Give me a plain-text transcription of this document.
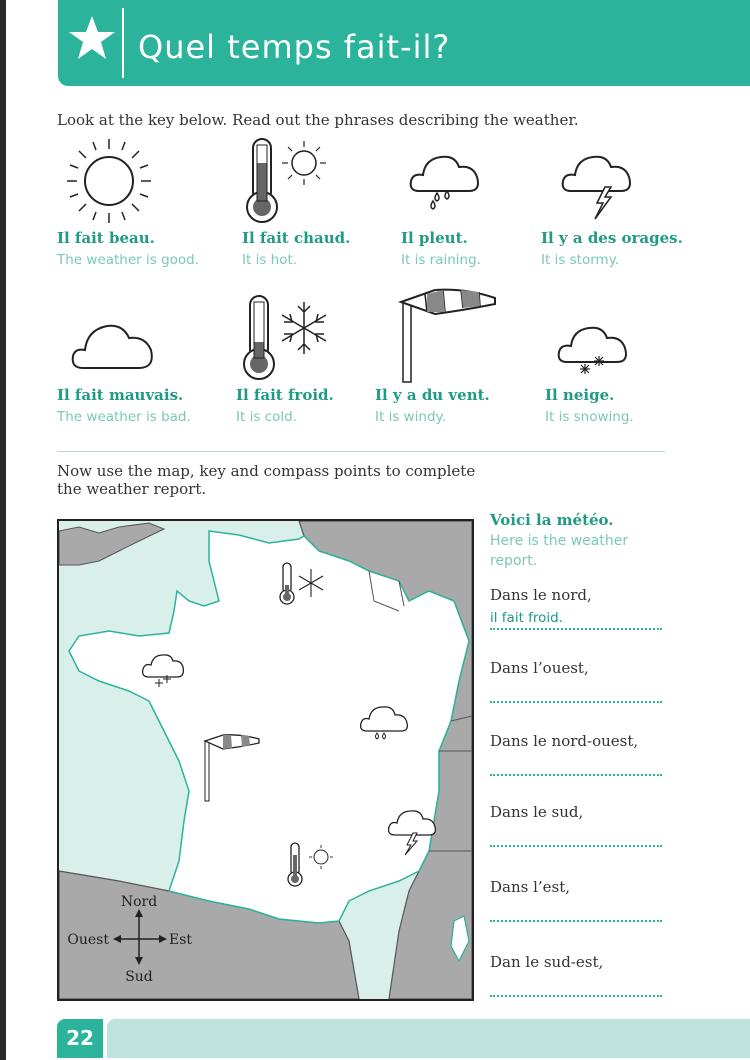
Quel temps fait-il?
Look at the key below. Read out the phrases describing the weather.
Il fait beau.
The weather is good.
Il fait chaud.
It is hot.
Il pleut.
It is raining.
Il y a des orages.
It is stormy.
Il fait mauvais.
The weather is bad.
Il fait froid.
It is cold.
Il y a du vent.
It is windy.
Il neige.
It is snowing.
Now use the map, key and compass points to complete the weather report.
Nord
Sud
Ouest	Est
Voici la météo.
Here is the weather report.
Dans le nord,
il fait froid.
Dans l’ouest,
Dans le nord-ouest,
Dans le sud,
Dans l’est,
Dan le sud-est,
22
